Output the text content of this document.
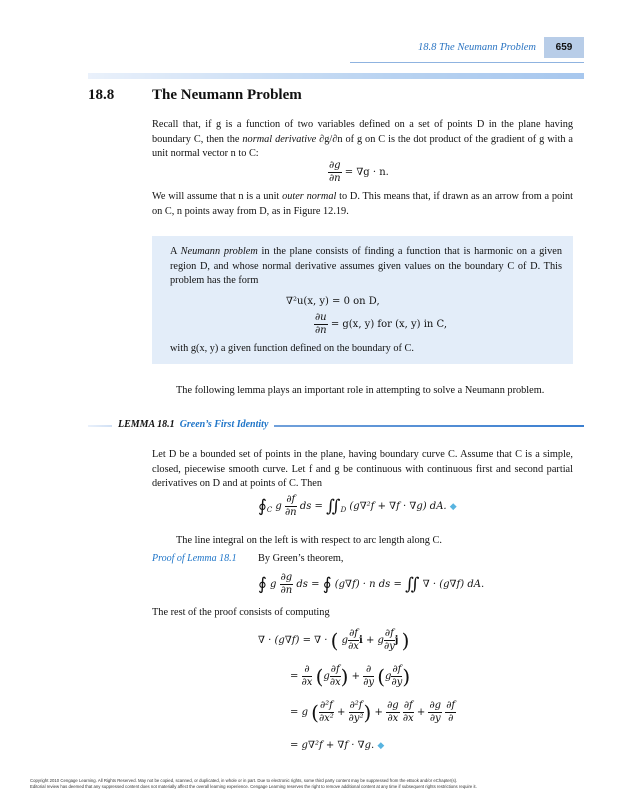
18.8 The Neumann Problem	659
18.8	The Neumann Problem
Recall that, if g is a function of two variables defined on a set of points D in the plane having boundary C, then the normal derivative ∂g/∂n of g on C is the dot product of the gradient of g with a unit normal vector n to C:
$\frac{\partial g}{\partial n} = \nabla g \cdot n$.
We will assume that n is a unit outer normal to D. This means that, if drawn as an arrow from a point on C, n points away from D, as in Figure 12.19.
A Neumann problem in the plane consists of finding a function that is harmonic on a given region D, and whose normal derivative assumes given values on the boundary C of D. This problem has the form
∇²u(x, y) = 0 on D,
$\frac{\partial u}{\partial n} = g(x$, y) for (x, y) in C,
with g(x, y) a given function defined on the boundary of C.
The following lemma plays an important role in attempting to solve a Neumann problem.
LEMMA 18.1 Green’s First Identity
Let D be a bounded set of points in the plane, having boundary curve C. Assume that C is a simple, closed, piecewise smooth curve. Let f and g be continuous with continuous first and second partial derivatives on D and at points of C. Then
$∮_C$ g $\frac{\partial f}{\partial n}$ ds = $∬_D$ (g∇²f + ∇f · ∇g) dA. ◆
The line integral on the left is with respect to arc length along C.
Proof of Lemma 18.1 By Green’s theorem,
∮ g $\frac{\partial g}{\partial n}$ ds = ∮ (g∇f) · n ds = ∬ ∇ · (g∇f) dA.
The rest of the proof consists of computing
∇ · (g∇f) = ∇ · ( g $\frac{\partial f}{\partial x}$ i + g $\frac{\partial f}{\partial y}$ j )
= $\frac{\partial}{\partial x} (g \frac{\partial f}{\partial x}$ ) + $\frac{\partial}{\partial y} (g \frac{\partial f}{\partial y}$ )
= g ( $\frac{\text{∂²f}}{\text{∂x²}} + \frac{\text{∂²f}}{\text{∂y²}}$ ) + $\frac{\partial g}{\partial x}$
$\frac{\partial f}{\partial x} + \frac{\partial g}{\partial y}$
$\frac{\partial f}{\partial}$
= g∇²f + ∇f · ∇g. ◆
Copyright 2010 Cengage Learning. All Rights Reserved. May not be copied, scanned, or duplicated, in whole or in part. Due to electronic rights, some third party content may be suppressed from the eBook and/or eChapter(s).
Editorial review has deemed that any suppressed content does not materially affect the overall learning experience. Cengage Learning reserves the right to remove additional content at any time if subsequent rights restrictions require it.
